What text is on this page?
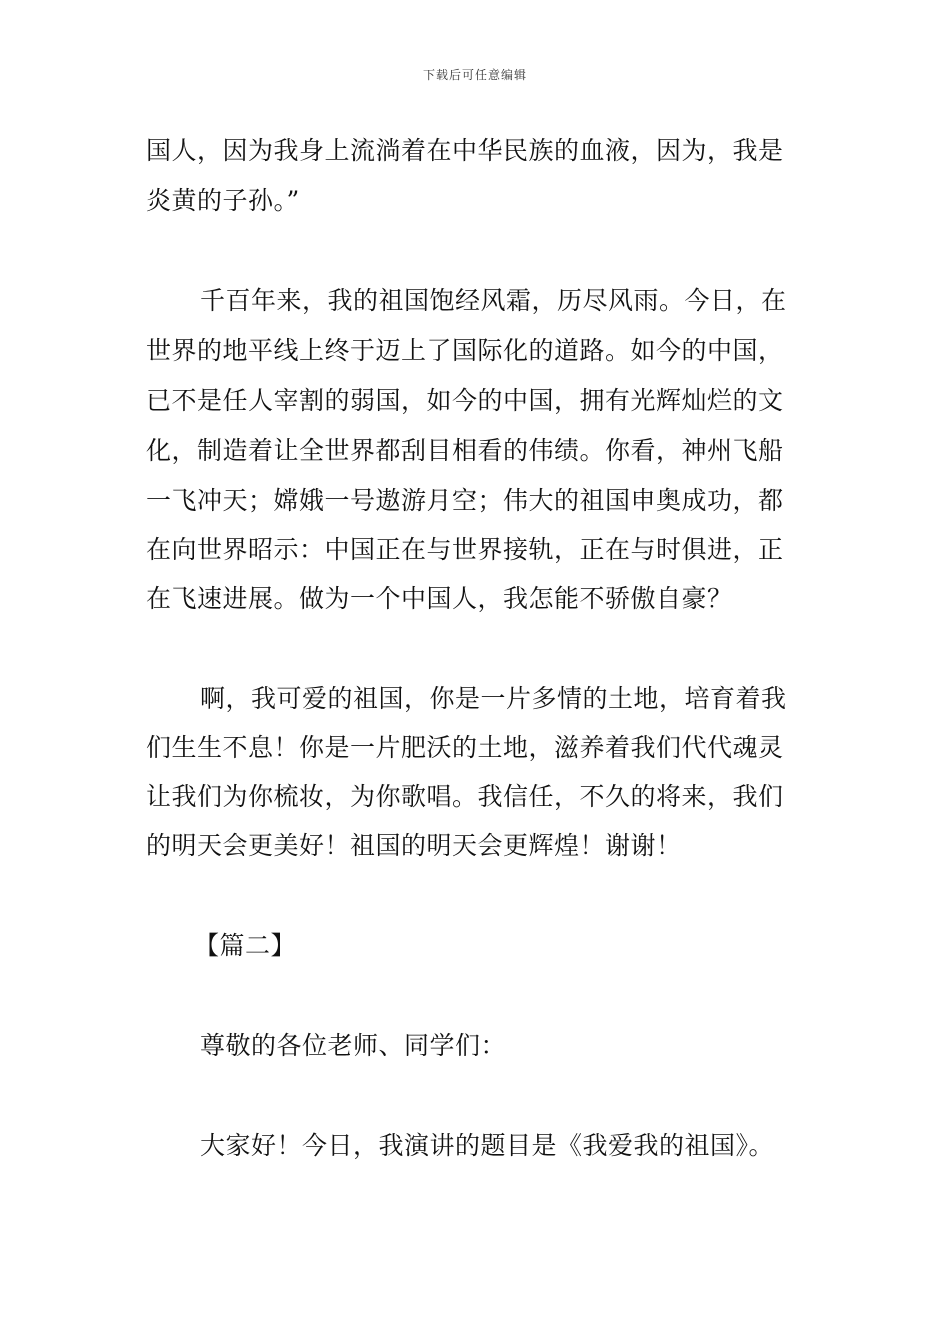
下载后可任意编辑
国人，因为我身上流淌着在中华民族的血液，因为，我是
炎黄的子孙。”
千百年来，我的祖国饱经风霜，历尽风雨。今日，在
世界的地平线上终于迈上了国际化的道路。如今的中国，
已不是任人宰割的弱国，如今的中国，拥有光辉灿烂的文
化，制造着让全世界都刮目相看的伟绩。你看，神州飞船
一飞冲天；嫦娥一号遨游月空；伟大的祖国申奥成功，都
在向世界昭示：中国正在与世界接轨，正在与时俱进，正
在飞速进展。做为一个中国人，我怎能不骄傲自豪？
啊，我可爱的祖国，你是一片多情的土地，培育着我
们生生不息！你是一片肥沃的土地，滋养着我们代代魂灵
让我们为你梳妆，为你歌唱。我信任，不久的将来，我们
的明天会更美好！祖国的明天会更辉煌！谢谢！
【篇二】
尊敬的各位老师、同学们：
大家好！今日，我演讲的题目是《我爱我的祖国》。
